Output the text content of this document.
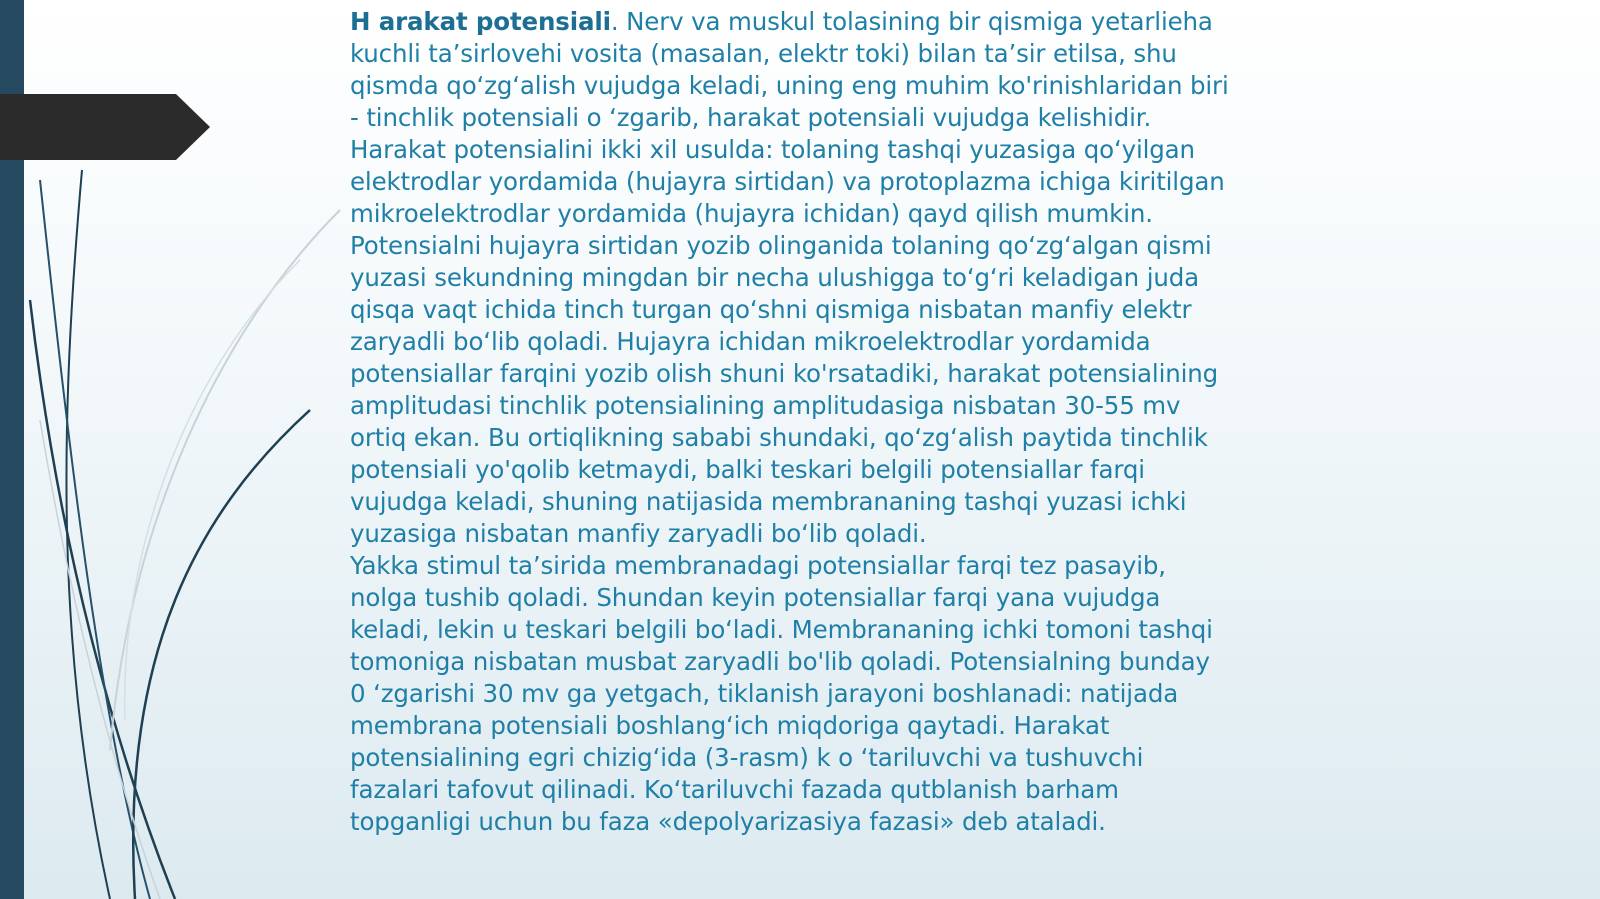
H arakat potensiali. Nerv va muskul tolasining bir qismiga yetarlieha kuchli ta’sirlovehi vosita (masalan, elektr toki) bilan ta’sir etilsa, shu qismda qo‘zg‘alish vujudga keladi, uning eng muhim ko'rinishlaridan biri - tinchlik potensiali o ‘zgarib, harakat potensiali vujudga kelishidir. Harakat potensialini ikki xil usulda: tolaning tashqi yuzasiga qo‘yilgan elektrodlar yordamida (hujayra sirtidan) va protoplazma ichiga kiritilgan mikroelektrodlar yordamida (hujayra ichidan) qayd qilish mumkin. Potensialni hujayra sirtidan yozib olinganida tolaning qo‘zg‘algan qismi yuzasi sekundning mingdan bir necha ulushigga to‘g‘ri keladigan juda qisqa vaqt ichida tinch turgan qo‘shni qismiga nisbatan manfiy elektr zaryadli bo‘lib qoladi. Hujayra ichidan mikroelektrodlar yordamida potensiallar farqini yozib olish shuni ko'rsatadiki, harakat potensialining amplitudasi tinchlik potensialining amplitudasiga nisbatan 30-55 mv ortiq ekan. Bu ortiqlikning sababi shundaki, qo‘zg‘alish paytida tinchlik potensiali yo'qolib ketmaydi, balki teskari belgili potensiallar farqi vujudga keladi, shuning natijasida membrananing tashqi yuzasi ichki yuzasiga nisbatan manfiy zaryadli bo‘lib qoladi.

Yakka stimul ta’sirida membranadagi potensiallar farqi tez pasayib, nolga tushib qoladi. Shundan keyin potensiallar farqi yana vujudga keladi, lekin u teskari belgili bo‘ladi. Membrananing ichki tomoni tashqi tomoniga nisbatan musbat zaryadli bo'lib qoladi. Potensialning bunday 0 ‘zgarishi 30 mv ga yetgach, tiklanish jarayoni boshlanadi: natijada membrana potensiali boshlang‘ich miqdoriga qaytadi. Harakat potensialining egri chizig‘ida (3-rasm) k o ‘tariluvchi va tushuvchi fazalari tafovut qilinadi. Ko‘tariluvchi fazada qutblanish barham topganligi uchun bu faza «depolyarizasiya fazasi» deb ataladi.
